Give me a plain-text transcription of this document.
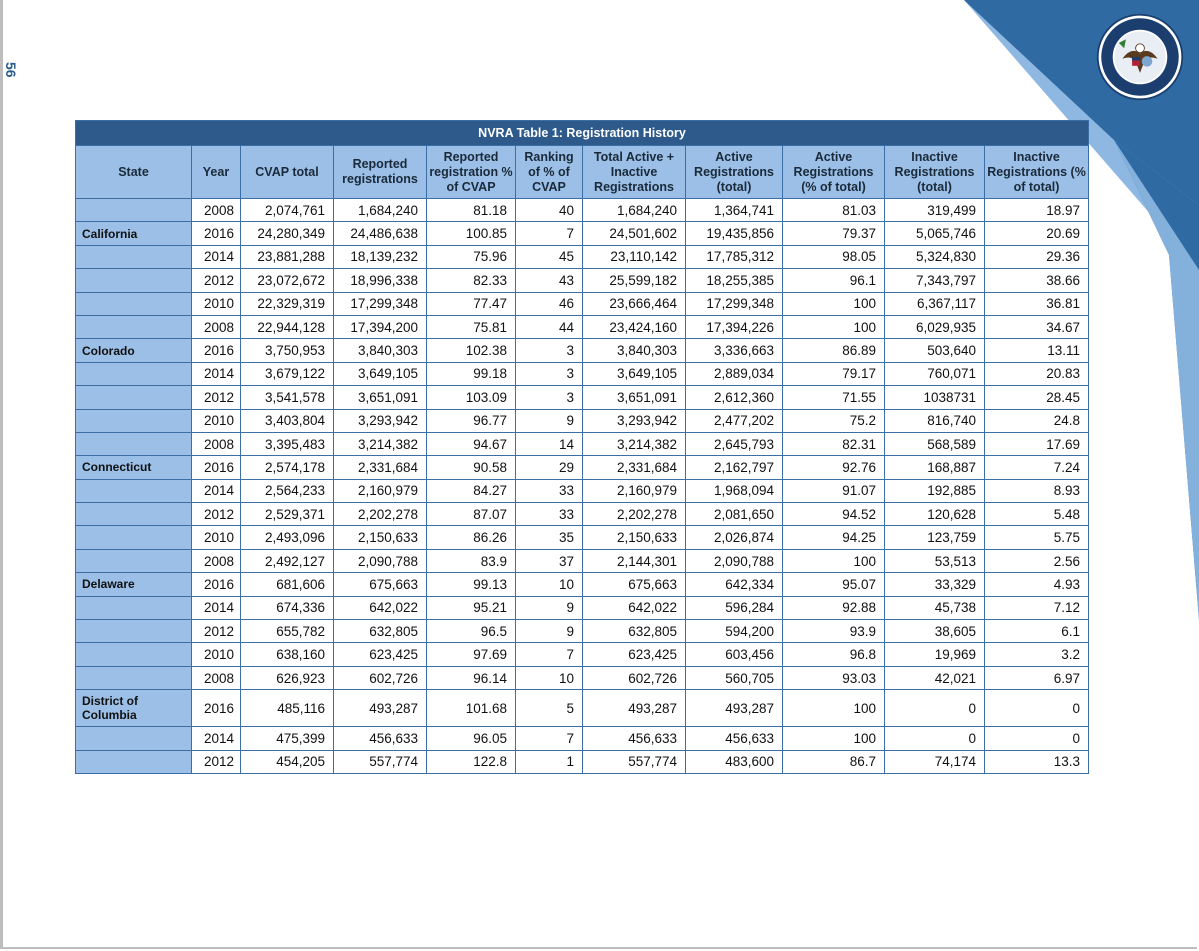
56
NVRA Table 1: Registration History										
State	Year	CVAP total	Reported registrations	Reported registration % of CVAP	Ranking of % of CVAP	Total Active + Inactive Registrations	Active Registrations (total)	Active Registrations (% of total)	Inactive Registrations (total)	Inactive Registrations (% of total)
	2008	2,074,761	1,684,240	81.18	40	1,684,240	1,364,741	81.03	319,499	18.97
California	2016	24,280,349	24,486,638	100.85	7	24,501,602	19,435,856	79.37	5,065,746	20.69
	2014	23,881,288	18,139,232	75.96	45	23,110,142	17,785,312	98.05	5,324,830	29.36
	2012	23,072,672	18,996,338	82.33	43	25,599,182	18,255,385	96.1	7,343,797	38.66
	2010	22,329,319	17,299,348	77.47	46	23,666,464	17,299,348	100	6,367,117	36.81
	2008	22,944,128	17,394,200	75.81	44	23,424,160	17,394,226	100	6,029,935	34.67
Colorado	2016	3,750,953	3,840,303	102.38	3	3,840,303	3,336,663	86.89	503,640	13.11
	2014	3,679,122	3,649,105	99.18	3	3,649,105	2,889,034	79.17	760,071	20.83
	2012	3,541,578	3,651,091	103.09	3	3,651,091	2,612,360	71.55	1038731	28.45
	2010	3,403,804	3,293,942	96.77	9	3,293,942	2,477,202	75.2	816,740	24.8
	2008	3,395,483	3,214,382	94.67	14	3,214,382	2,645,793	82.31	568,589	17.69
Connecticut	2016	2,574,178	2,331,684	90.58	29	2,331,684	2,162,797	92.76	168,887	7.24
	2014	2,564,233	2,160,979	84.27	33	2,160,979	1,968,094	91.07	192,885	8.93
	2012	2,529,371	2,202,278	87.07	33	2,202,278	2,081,650	94.52	120,628	5.48
	2010	2,493,096	2,150,633	86.26	35	2,150,633	2,026,874	94.25	123,759	5.75
	2008	2,492,127	2,090,788	83.9	37	2,144,301	2,090,788	100	53,513	2.56
Delaware	2016	681,606	675,663	99.13	10	675,663	642,334	95.07	33,329	4.93
	2014	674,336	642,022	95.21	9	642,022	596,284	92.88	45,738	7.12
	2012	655,782	632,805	96.5	9	632,805	594,200	93.9	38,605	6.1
	2010	638,160	623,425	97.69	7	623,425	603,456	96.8	19,969	3.2
	2008	626,923	602,726	96.14	10	602,726	560,705	93.03	42,021	6.97
District of Columbia	2016	485,116	493,287	101.68	5	493,287	493,287	100	0	0
	2014	475,399	456,633	96.05	7	456,633	456,633	100	0	0
	2012	454,205	557,774	122.8	1	557,774	483,600	86.7	74,174	13.3
